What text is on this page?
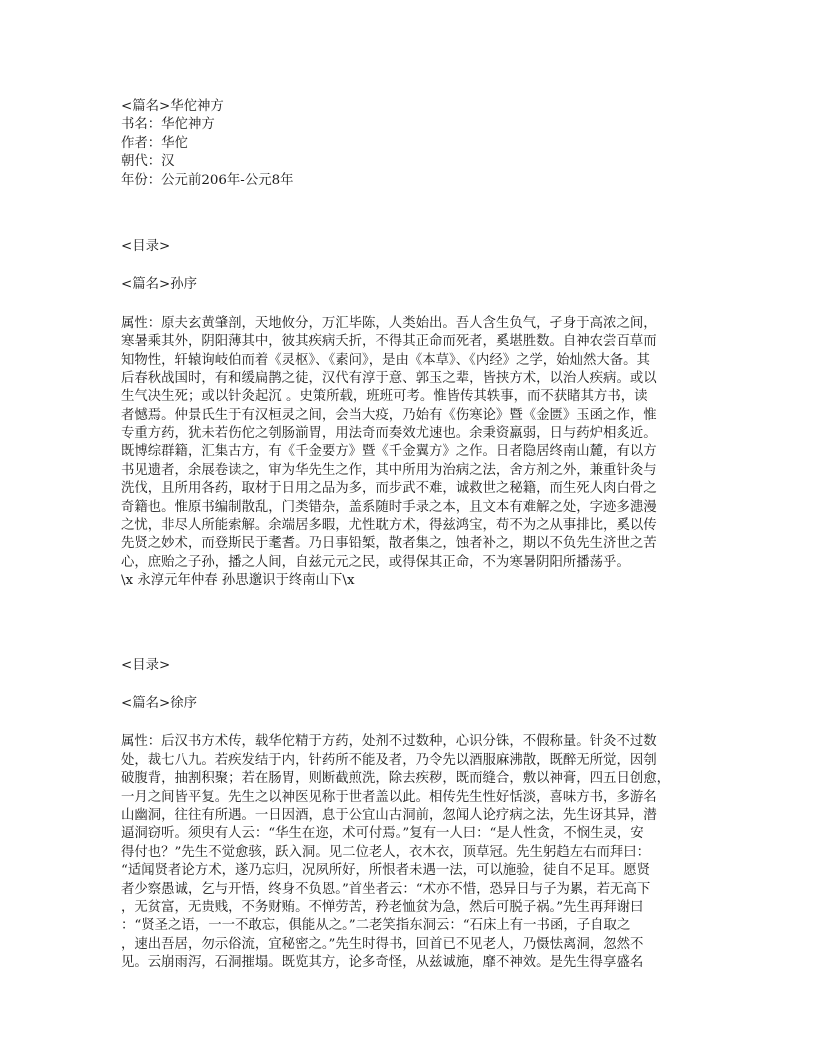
<篇名>华佗神方
书名：华佗神方
作者：华佗
朝代：汉
年份：公元前206年-公元8年
<目录>
<篇名>孙序
属性：原夫玄黄肇剖，天地攸分，万汇毕陈，人类始出。吾人含生负气，孑身于高浓之间，
寒暑乘其外，阴阳薄其中，彼其疾病夭折，不得其正命而死者，奚堪胜数。自神农尝百草而
知物性，轩辕询岐伯而着《灵枢》、《素问》，是由《本草》、《内经》之学，始灿然大备。其
后春秋战国时，有和缓扁鹊之徒，汉代有淳于意、郭玉之辈，皆挟方术，以治人疾病。或以
生气决生死；或以针灸起沉 。史策所载，班班可考。惟皆传其轶事，而不获睹其方书，读
者憾焉。仲景氏生于有汉桓灵之间，会当大疫，乃始有《伤寒论》暨《金匮》玉函之作，惟
专重方药，犹未若伤佗之刳肠湔胃，用法奇而奏效尤速也。余秉资羸弱，日与药炉相炙近。
既博综群籍，汇集古方，有《千金要方》暨《千金翼方》之作。日者隐居终南山麓，有以方
书见遗者，余展卷读之，审为华先生之作，其中所用为治病之法，舍方剂之外，兼重针灸与
洗伐，且所用各药，取材于日用之品为多，而步武不难，诚救世之秘籍，而生死人肉白骨之
奇籍也。惟原书编制散乱，门类错杂，盖系随时手录之本，且文本有难解之处，字迹多漶漫
之忧，非尽人所能索解。余端居多暇，尤性耽方术，得兹鸿宝，苟不为之从事排比，奚以传
先贤之妙术，而登斯民于耄耆。乃日事铅椠，散者集之，蚀者补之，期以不负先生济世之苦
心，庶贻之子孙，播之人间，自兹元元之民，或得保其正命，不为寒暑阴阳所播荡乎。
\x 永淳元年仲春 孙思邈识于终南山下\x
<目录>
<篇名>徐序
属性：后汉书方术传，载华佗精于方药，处剂不过数种，心识分铢，不假称量。针灸不过数
处，裁七八九。若疾发结于内，针药所不能及者，乃令先以酒服麻沸散，既醉无所觉，因刳
破腹背，抽割积聚；若在肠胃，则断截煎洗，除去疾秽，既而缝合，敷以神膏，四五日创愈，
一月之间皆平复。先生之以神医见称于世者盖以此。相传先生性好恬淡，喜味方书，多游名
山幽洞，往往有所遇。一日因酒，息于公宜山古洞前，忽闻人论疗病之法，先生讶其异，潜
逼洞窃听。须臾有人云：“华生在迩，术可付焉。”复有一人曰：“是人性贪，不悯生灵，安
得付也？”先生不觉愈骇，跃入洞。见二位老人，衣木衣，顶草冠。先生躬趋左右而拜曰：
“适闻贤者论方术，遂乃忘归，况夙所好，所恨者未遇一法，可以施验，徒自不足耳。愿贤
者少察愚诚，乞与开悟，终身不负恩。”首坐者云：“术亦不惜，恐异日与子为累，若无高下
，无贫富，无贵贱，不务财贿。不惮劳苦，矜老恤贫为急，然后可脱子祸。”先生再拜谢曰
：“贤圣之语，一一不敢忘，俱能从之。”二老笑指东洞云：“石床上有一书函，子自取之
，速出吾居，勿示俗流，宜秘密之。”先生时得书，回首已不见老人，乃慑怯离洞，忽然不
见。云崩雨泻，石洞摧塌。既览其方，论多奇怪，从兹诚施，靡不神效。是先生得享盛名
